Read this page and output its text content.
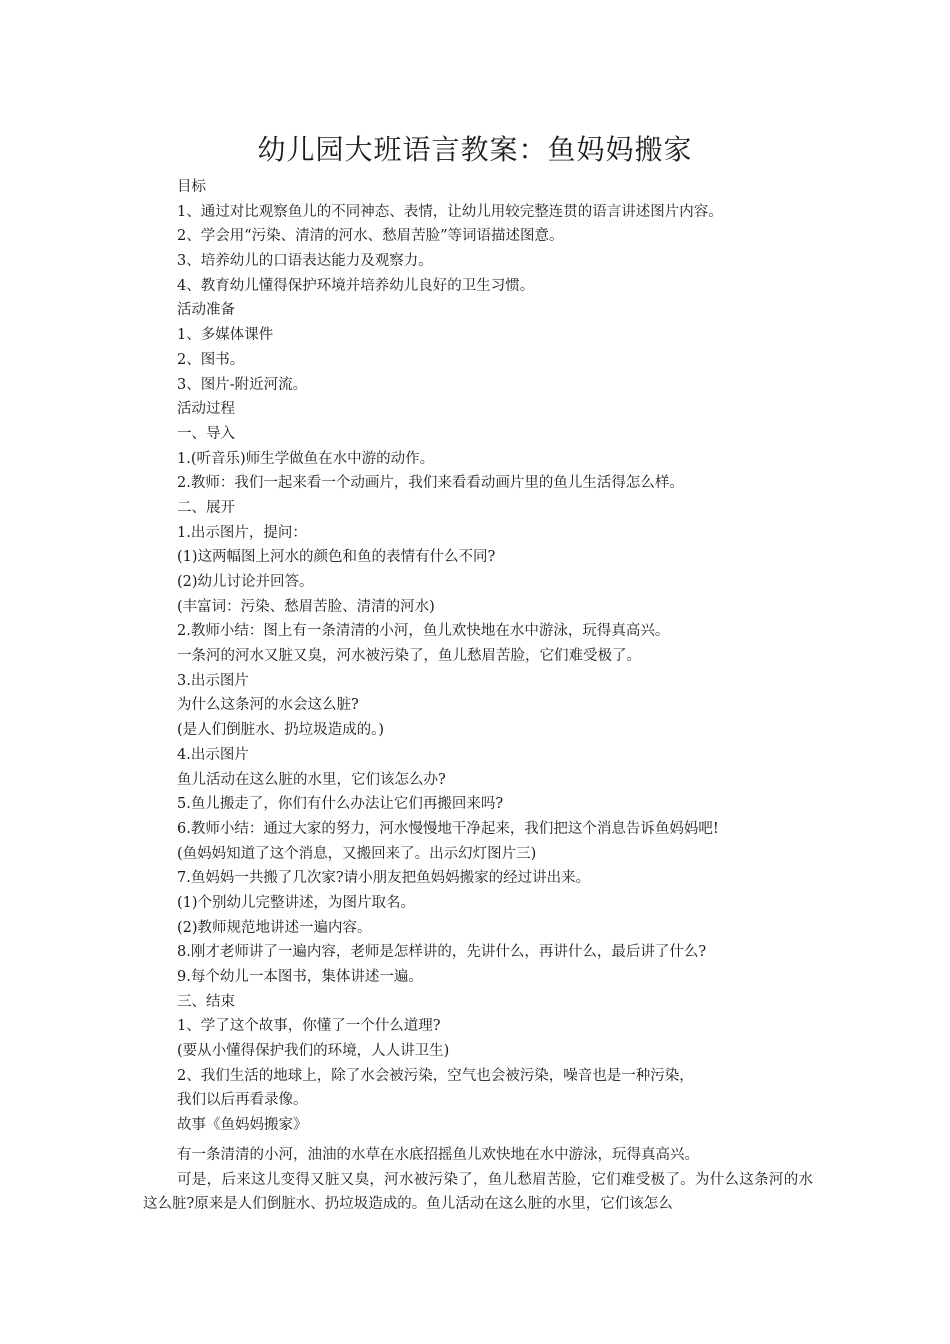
幼儿园大班语言教案：鱼妈妈搬家
目标
1、通过对比观察鱼儿的不同神态、表情，让幼儿用较完整连贯的语言讲述图片内容。
2、学会用“污染、清清的河水、愁眉苦脸”等词语描述图意。
3、培养幼儿的口语表达能力及观察力。
4、教育幼儿懂得保护环境并培养幼儿良好的卫生习惯。
活动准备
1、多媒体课件
2、图书。
3、图片-附近河流。
活动过程
一、导入
1.(听音乐)师生学做鱼在水中游的动作。
2.教师：我们一起来看一个动画片，我们来看看动画片里的鱼儿生活得怎么样。
二、展开
1.出示图片，提问：
(1)这两幅图上河水的颜色和鱼的表情有什么不同?
(2)幼儿讨论并回答。
(丰富词：污染、愁眉苦脸、清清的河水)
2.教师小结：图上有一条清清的小河，鱼儿欢快地在水中游泳，玩得真高兴。
一条河的河水又脏又臭，河水被污染了，鱼儿愁眉苦脸，它们难受极了。
3.出示图片
为什么这条河的水会这么脏?
(是人们倒脏水、扔垃圾造成的。)
4.出示图片
鱼儿活动在这么脏的水里，它们该怎么办?
5.鱼儿搬走了，你们有什么办法让它们再搬回来吗?
6.教师小结：通过大家的努力，河水慢慢地干净起来，我们把这个消息告诉鱼妈妈吧!
(鱼妈妈知道了这个消息，又搬回来了。出示幻灯图片三)
7.鱼妈妈一共搬了几次家?请小朋友把鱼妈妈搬家的经过讲出来。
(1)个别幼儿完整讲述，为图片取名。
(2)教师规范地讲述一遍内容。
8.刚才老师讲了一遍内容，老师是怎样讲的，先讲什么，再讲什么，最后讲了什么?
9.每个幼儿一本图书，集体讲述一遍。
三、结束
1、学了这个故事，你懂了一个什么道理?
(要从小懂得保护我们的环境，人人讲卫生)
2、我们生活的地球上，除了水会被污染，空气也会被污染，噪音也是一种污染，
我们以后再看录像。
故事《鱼妈妈搬家》

有一条清清的小河，油油的水草在水底招摇鱼儿欢快地在水中游泳，玩得真高兴。

可是，后来这儿变得又脏又臭，河水被污染了，鱼儿愁眉苦脸，它们难受极了。为什么这条河的水这么脏?原来是人们倒脏水、扔垃圾造成的。鱼儿活动在这么脏的水里，它们该怎么
